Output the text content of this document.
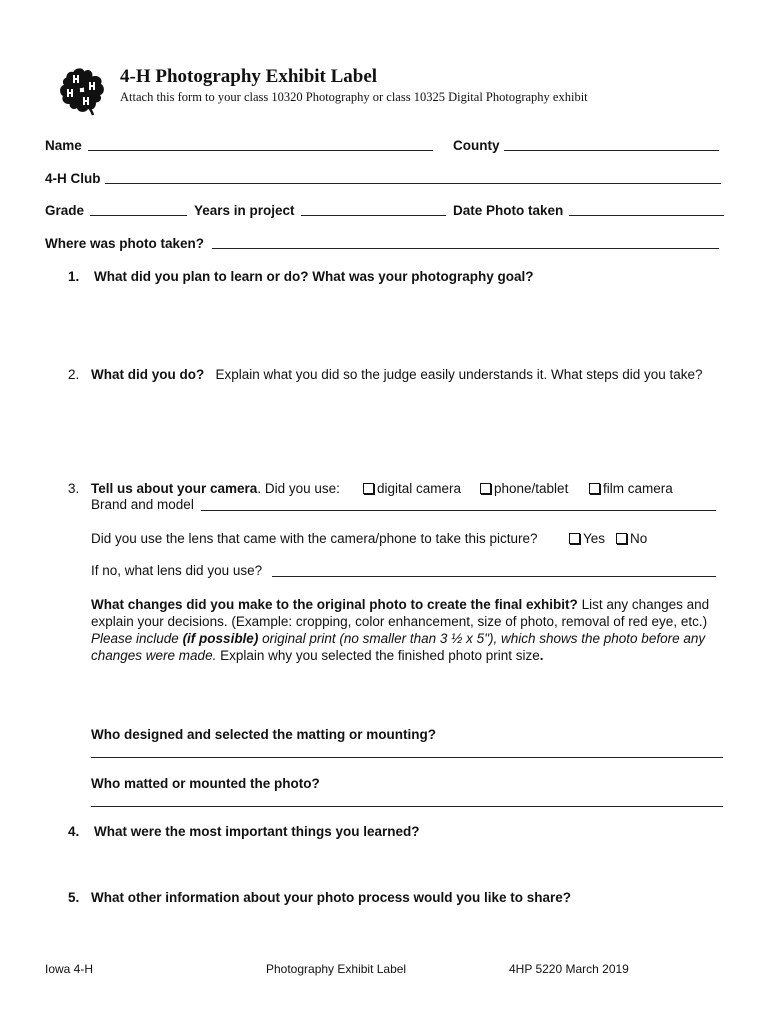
4-H Photography Exhibit Label
Attach this form to your class 10320 Photography or class 10325 Digital Photography exhibit
Name	County
4-H Club
Grade	Years in project	Date Photo taken
Where was photo taken?
1. What did you plan to learn or do? What was your photography goal?
2. What did you do? Explain what you did so the judge easily understands it. What steps did you take?
3. Tell us about your camera. Did you use:	digital camera	phone/tablet	film camera
Brand and model
Did you use the lens that came with the camera/phone to take this picture?	Yes	No
If no, what lens did you use?
What changes did you make to the original photo to create the final exhibit? List any changes and explain your decisions. (Example: cropping, color enhancement, size of photo, removal of red eye, etc.) Please include (if possible) original print (no smaller than 3 ½ x 5"), which shows the photo before any changes were made. Explain why you selected the finished photo print size.
Who designed and selected the matting or mounting?
Who matted or mounted the photo?
4. What were the most important things you learned?
5. What other information about your photo process would you like to share?
Iowa 4-H	Photography Exhibit Label	4HP 5220 March 2019
